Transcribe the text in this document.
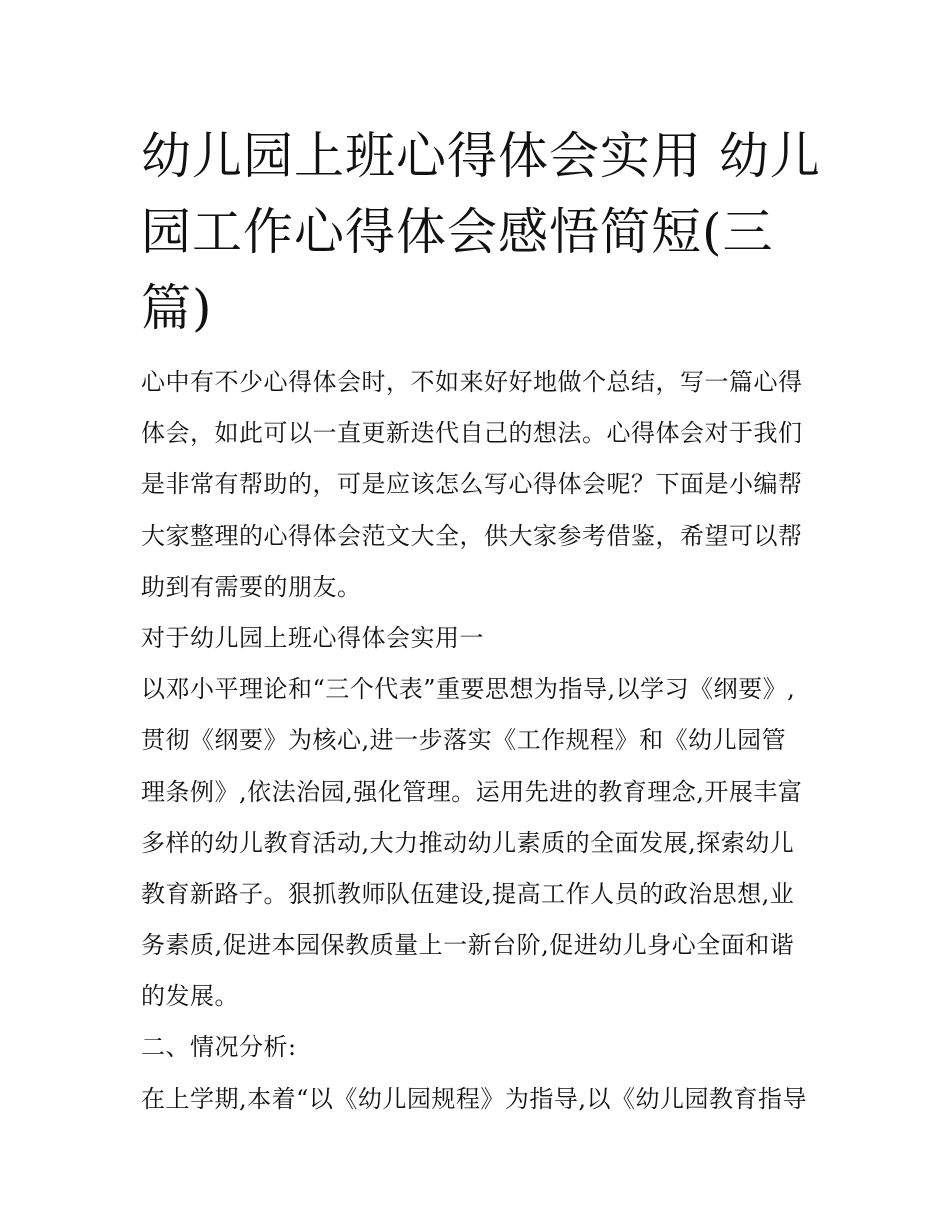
幼儿园上班心得体会实用 幼儿
园工作心得体会感悟简短(三
篇)
心中有不少心得体会时，不如来好好地做个总结，写一篇心得
体会，如此可以一直更新迭代自己的想法。心得体会对于我们
是非常有帮助的，可是应该怎么写心得体会呢？下面是小编帮
大家整理的心得体会范文大全，供大家参考借鉴，希望可以帮
助到有需要的朋友。
对于幼儿园上班心得体会实用一
以邓小平理论和“三个代表”重要思想为指导,以学习《纲要》,
贯彻《纲要》为核心,进一步落实《工作规程》和《幼儿园管
理条例》,依法治园,强化管理。运用先进的教育理念,开展丰富
多样的幼儿教育活动,大力推动幼儿素质的全面发展,探索幼儿
教育新路子。狠抓教师队伍建设,提高工作人员的政治思想,业
务素质,促进本园保教质量上一新台阶,促进幼儿身心全面和谐
的发展。
二、情况分析:
在上学期,本着“以《幼儿园规程》为指导,以《幼儿园教育指导
